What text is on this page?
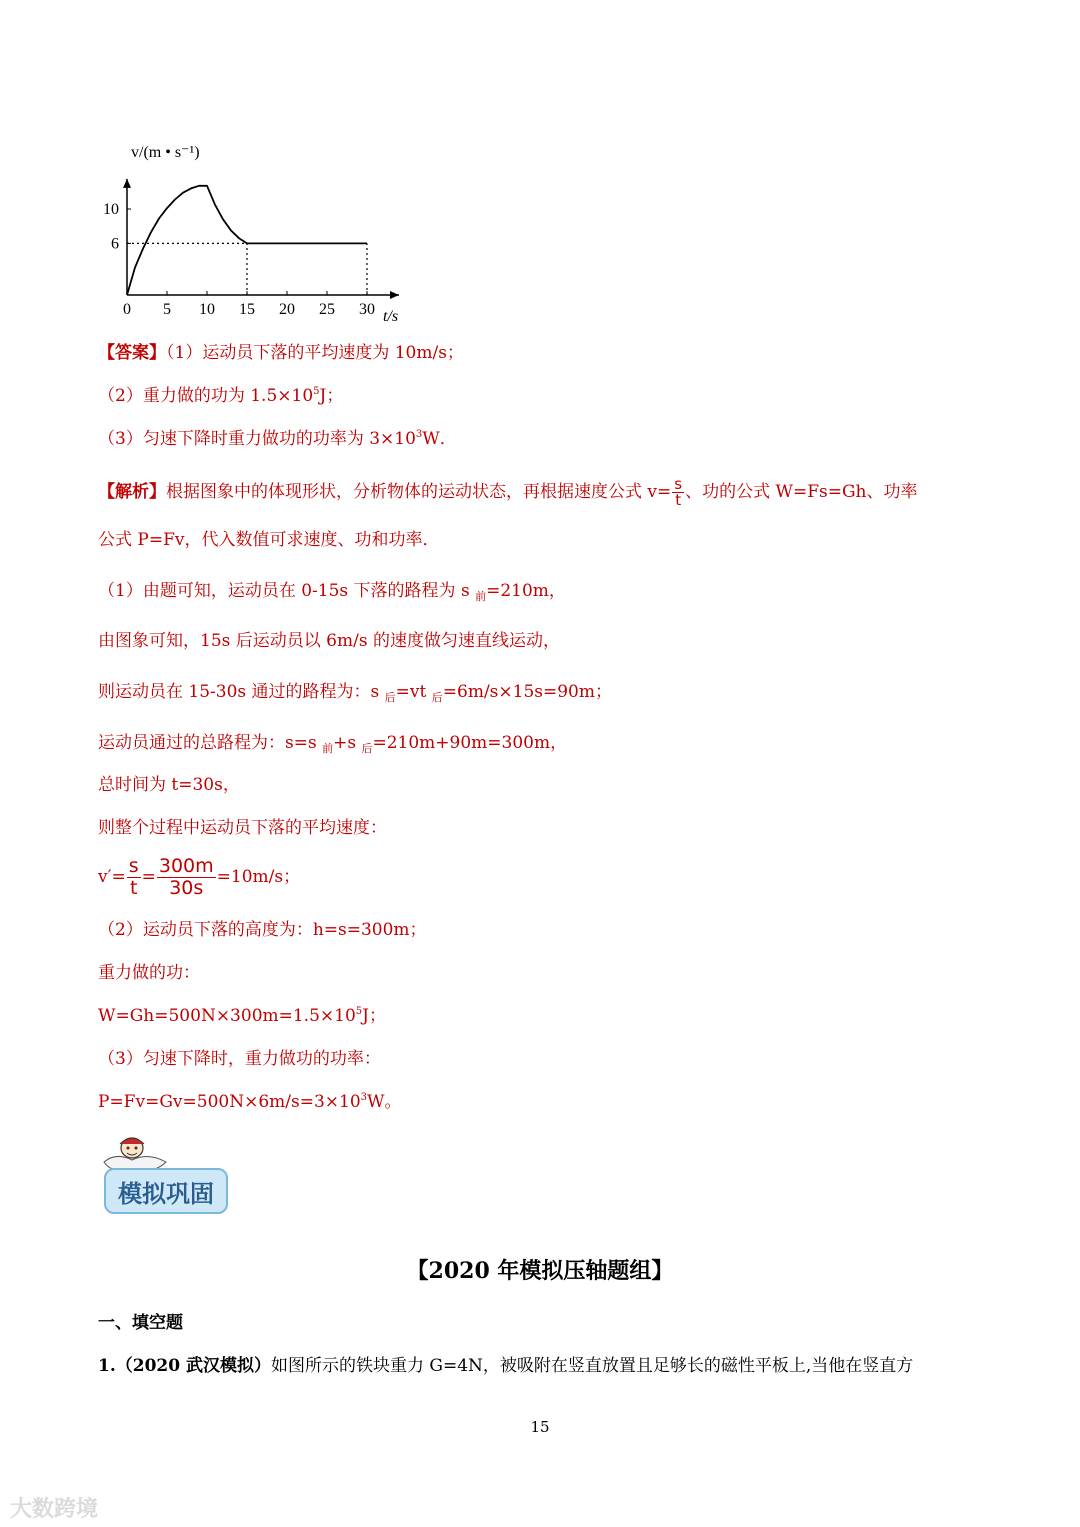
0 5 10 15 20 25 30
6
10
v/(m • s⁻¹)
t/s
【答案】（1）运动员下落的平均速度为 10m/s；
（2）重力做的功为 $1.5\times 10^5J$；
（3）匀速下降时重力做功的功率为 $3\times 10^3W$．
【解析】根据图象中的体现形状，分析物体的运动状态，再根据速度公式 $v= \frac{s}{t}$ 、功的公式 W=Fs=Gh、功率
公式 P=Fv，代入数值可求速度、功和功率．
（1）由题可知，运动员在 0‑15s 下落的路程为 s $_前$=210m，
由图象可知，15s 后运动员以 6m/s 的速度做匀速直线运动，
则运动员在 15‑30s 通过的路程为：s $_后$=vt $_后$=6m/s×15s=90m；
运动员通过的总路程为：s=s $_前$+s $_后$=210m+90m=300m，
总时间为 t=30s，
则整个过程中运动员下落的平均速度：
$v'= \frac{s}{t} = \frac{300m}{30s} =10m/s$；
（2）运动员下落的高度为：h=s=300m；
重力做的功：
$W=Gh=500N\times 300m=1.5\times 10^5J$；
（3）匀速下降时，重力做功的功率：
$P=Fv=Gv=500N\times 6m/s=3\times 10^3W$。
模拟巩固
【2020 年模拟压轴题组】
一、填空题
1.（2020 武汉模拟）如图所示的铁块重力 G=4N，被吸附在竖直放置且足够长的磁性平板上,当他在竖直方
15
大数跨境
